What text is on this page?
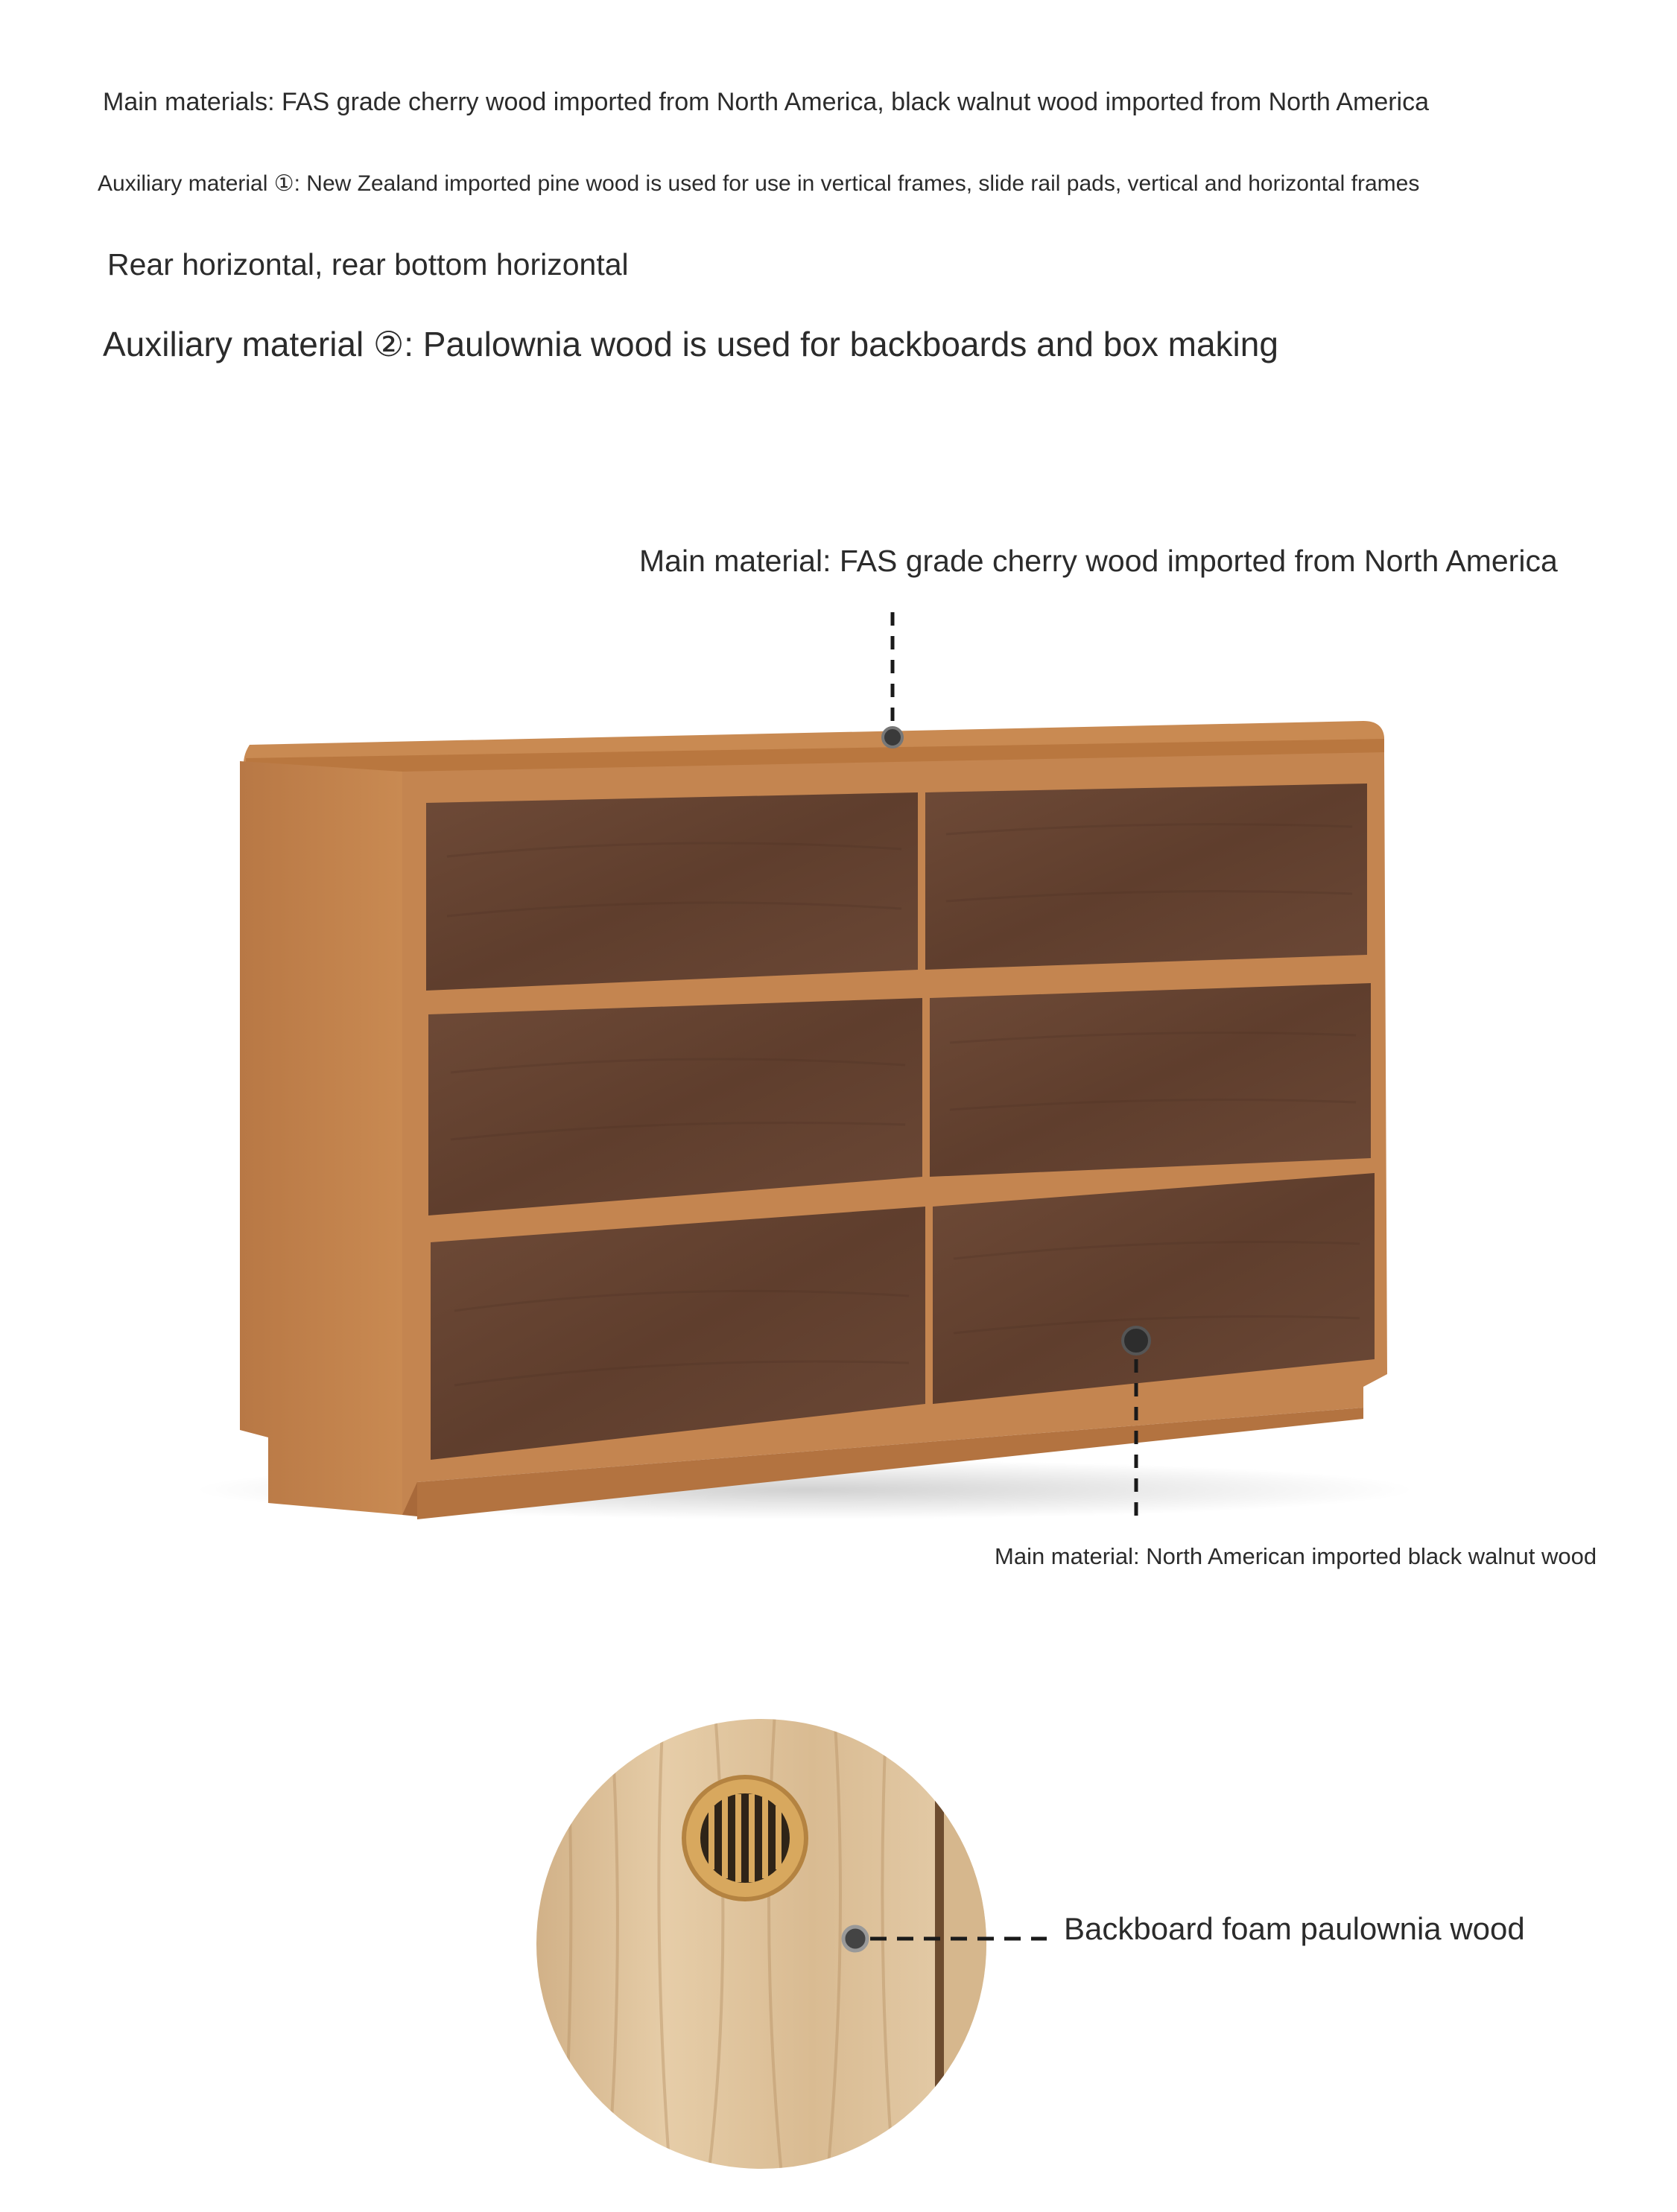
Main materials: FAS grade cherry wood imported from North America, black walnut wood imported from North America
Auxiliary material ①: New Zealand imported pine wood is used for use in vertical frames, slide rail pads, vertical and horizontal frames
Rear horizontal, rear bottom horizontal
Auxiliary material ②: Paulownia wood is used for backboards and box making
Main material: FAS grade cherry wood imported from North America
Main material: North American imported black walnut wood
Backboard foam paulownia wood
